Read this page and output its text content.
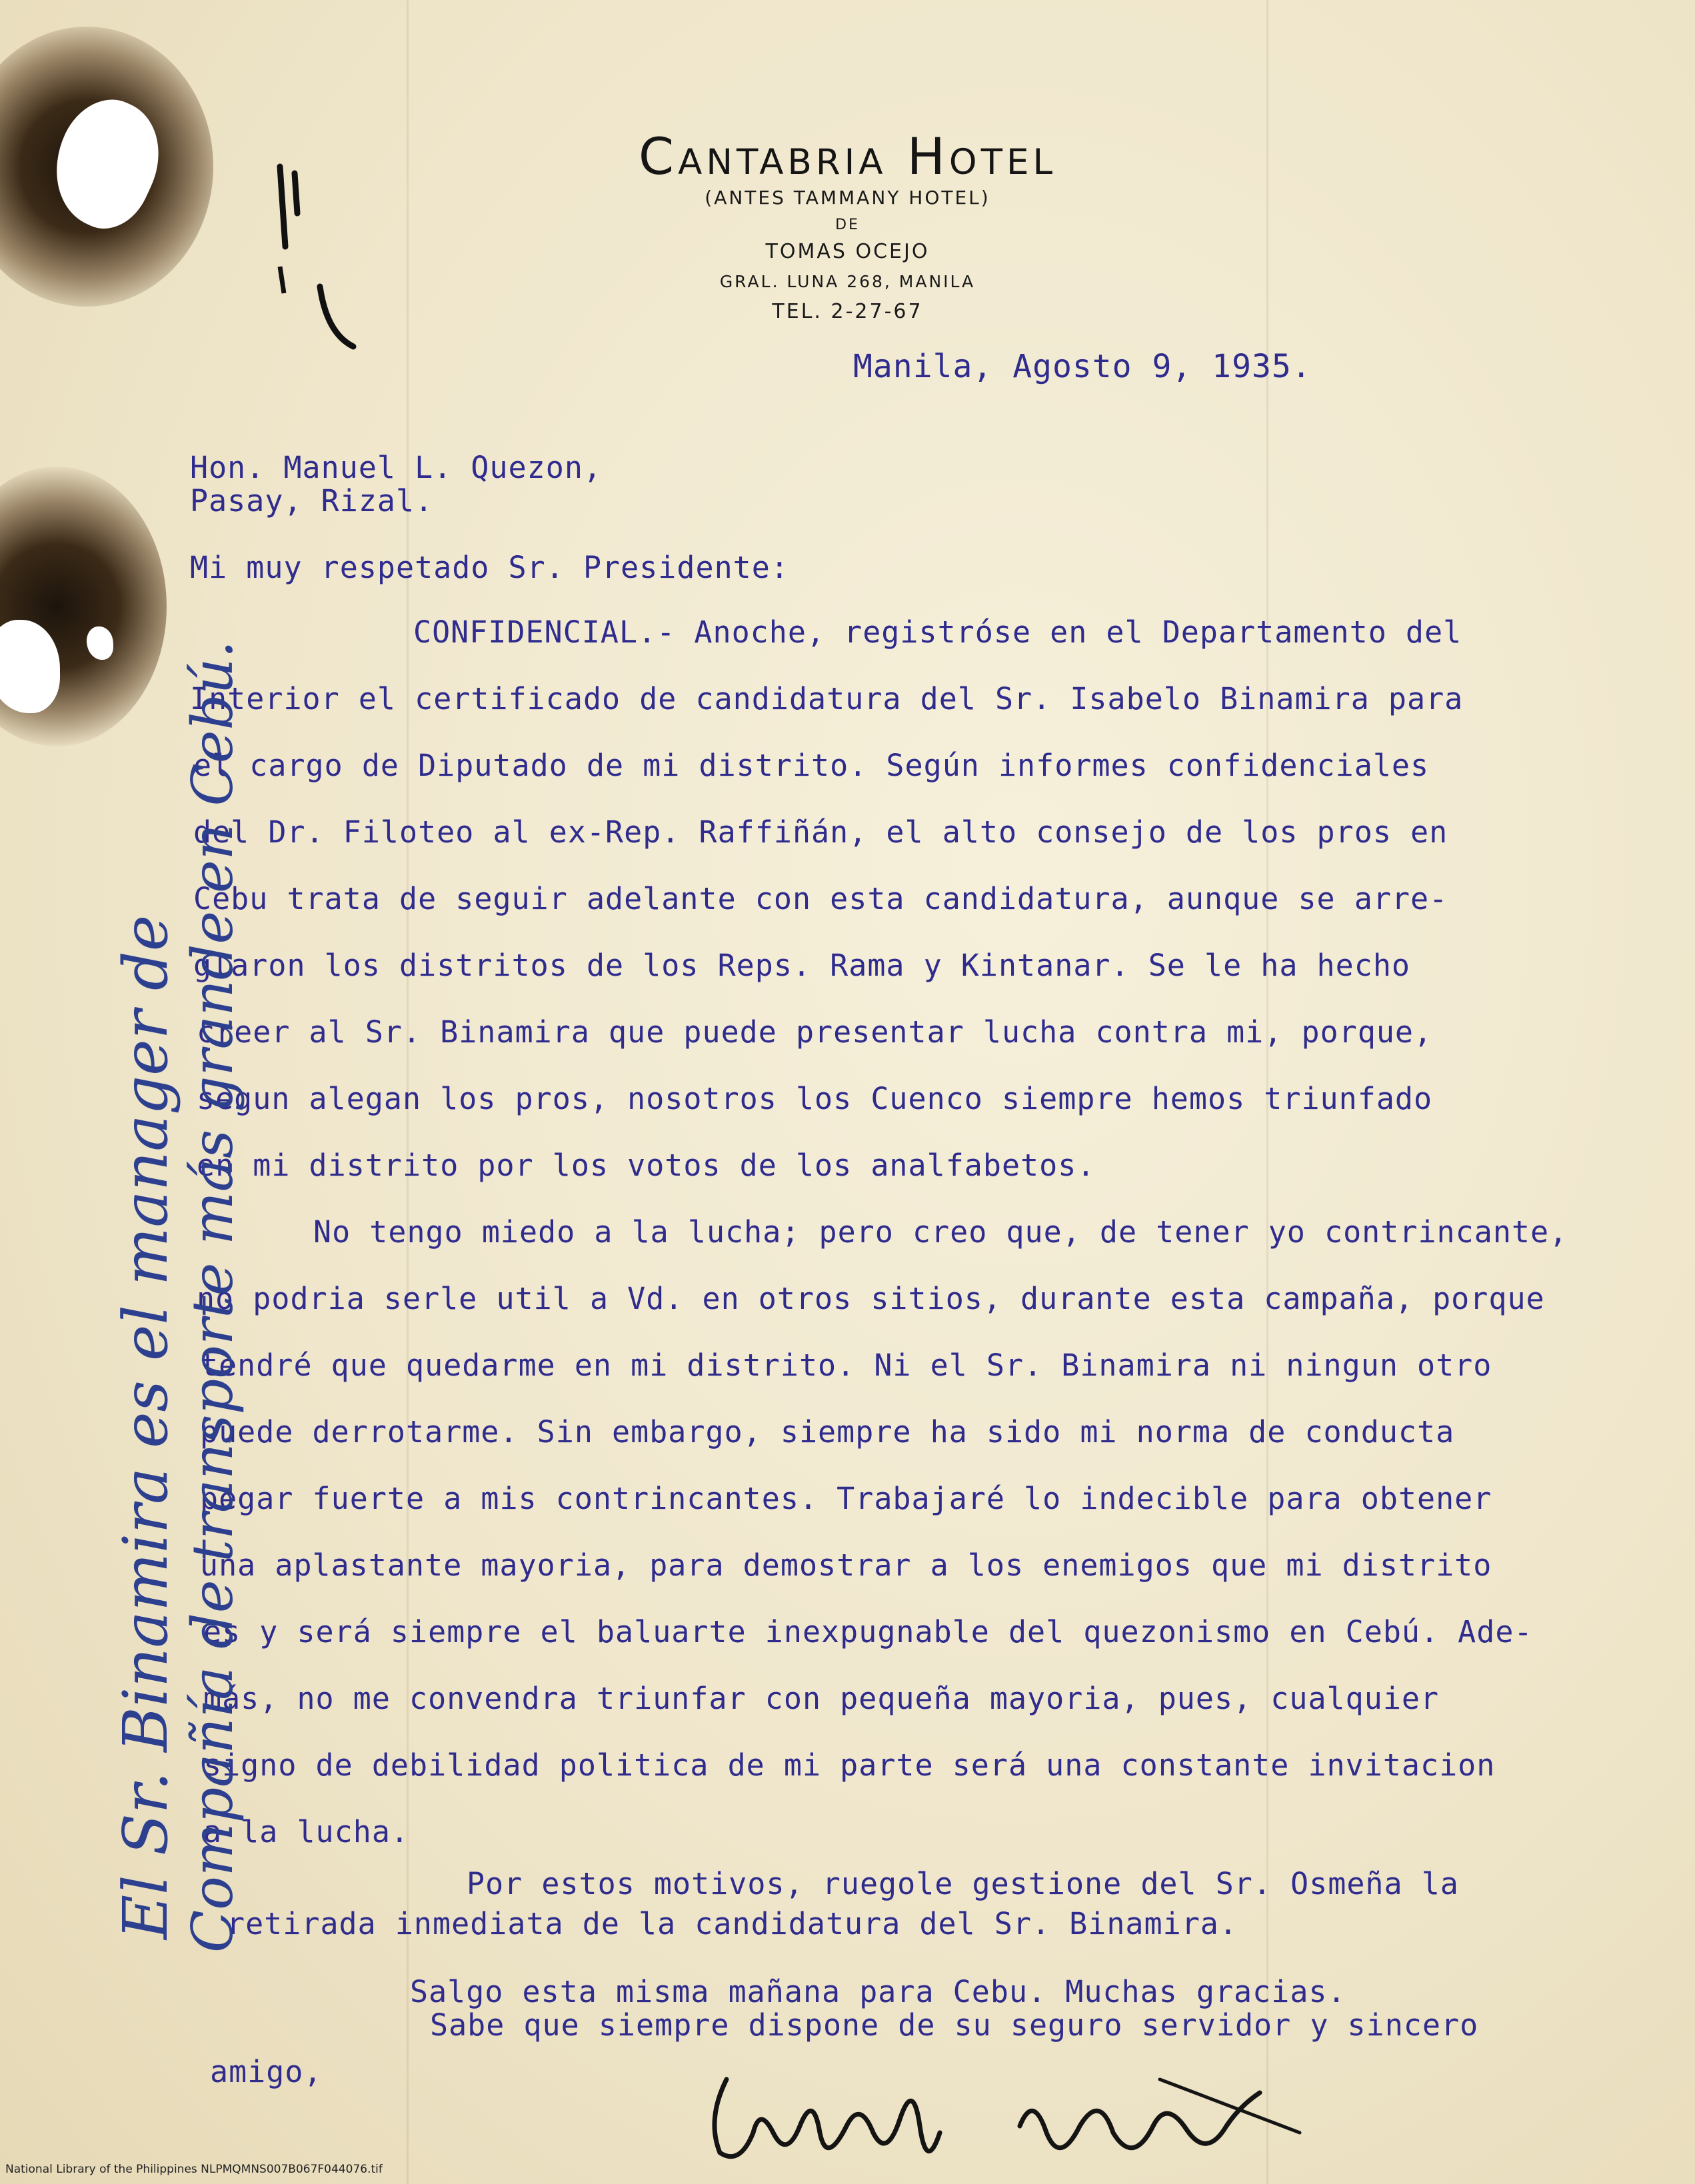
Cantabria Hotel
(ANTES TAMMANY HOTEL)
DE
TOMAS OCEJO
GRAL. LUNA 268, MANILA
TEL. 2-27-67
Manila, Agosto 9, 1935.
Hon. Manuel L. Quezon,
Pasay, Rizal.
Mi muy respetado Sr. Presidente:
CONFIDENCIAL.- Anoche, registróse en el Departamento del
Interior el certificado de candidatura del Sr. Isabelo Binamira para
el cargo de Diputado de mi distrito. Según informes confidenciales
del Dr. Filoteo al ex-Rep. Raffiñán, el alto consejo de los pros en
Cebu trata de seguir adelante con esta candidatura, aunque se arre-
glaron los distritos de los Reps. Rama y Kintanar. Se le ha hecho
creer al Sr. Binamira que puede presentar lucha contra mi, porque,
segun alegan los pros, nosotros los Cuenco siempre hemos triunfado
en mi distrito por los votos de los analfabetos.
No tengo miedo a la lucha; pero creo que, de tener yo contrincante,
no podria serle util a Vd. en otros sitios, durante esta campaña, porque
tendré que quedarme en mi distrito. Ni el Sr. Binamira ni ningun otro
puede derrotarme. Sin embargo, siempre ha sido mi norma de conducta
pegar fuerte a mis contrincantes. Trabajaré lo indecible para obtener
una aplastante mayoria, para demostrar a los enemigos que mi distrito
es y será siempre el baluarte inexpugnable del quezonismo en Cebú. Ade-
más, no me convendra triunfar con pequeña mayoria, pues, cualquier
signo de debilidad politica de mi parte será una constante invitacion
a la lucha.
Por estos motivos, ruegole gestione del Sr. Osmeña la
retirada inmediata de la candidatura del Sr. Binamira.
Salgo esta misma mañana para Cebu. Muchas gracias.
Sabe que siempre dispone de su seguro servidor y sincero
amigo,
El Sr. Binamira es el manager de
Compañía de transporte más grande en Cebú.
National Library of the Philippines NLPMQMNS007B067F044076.tif
